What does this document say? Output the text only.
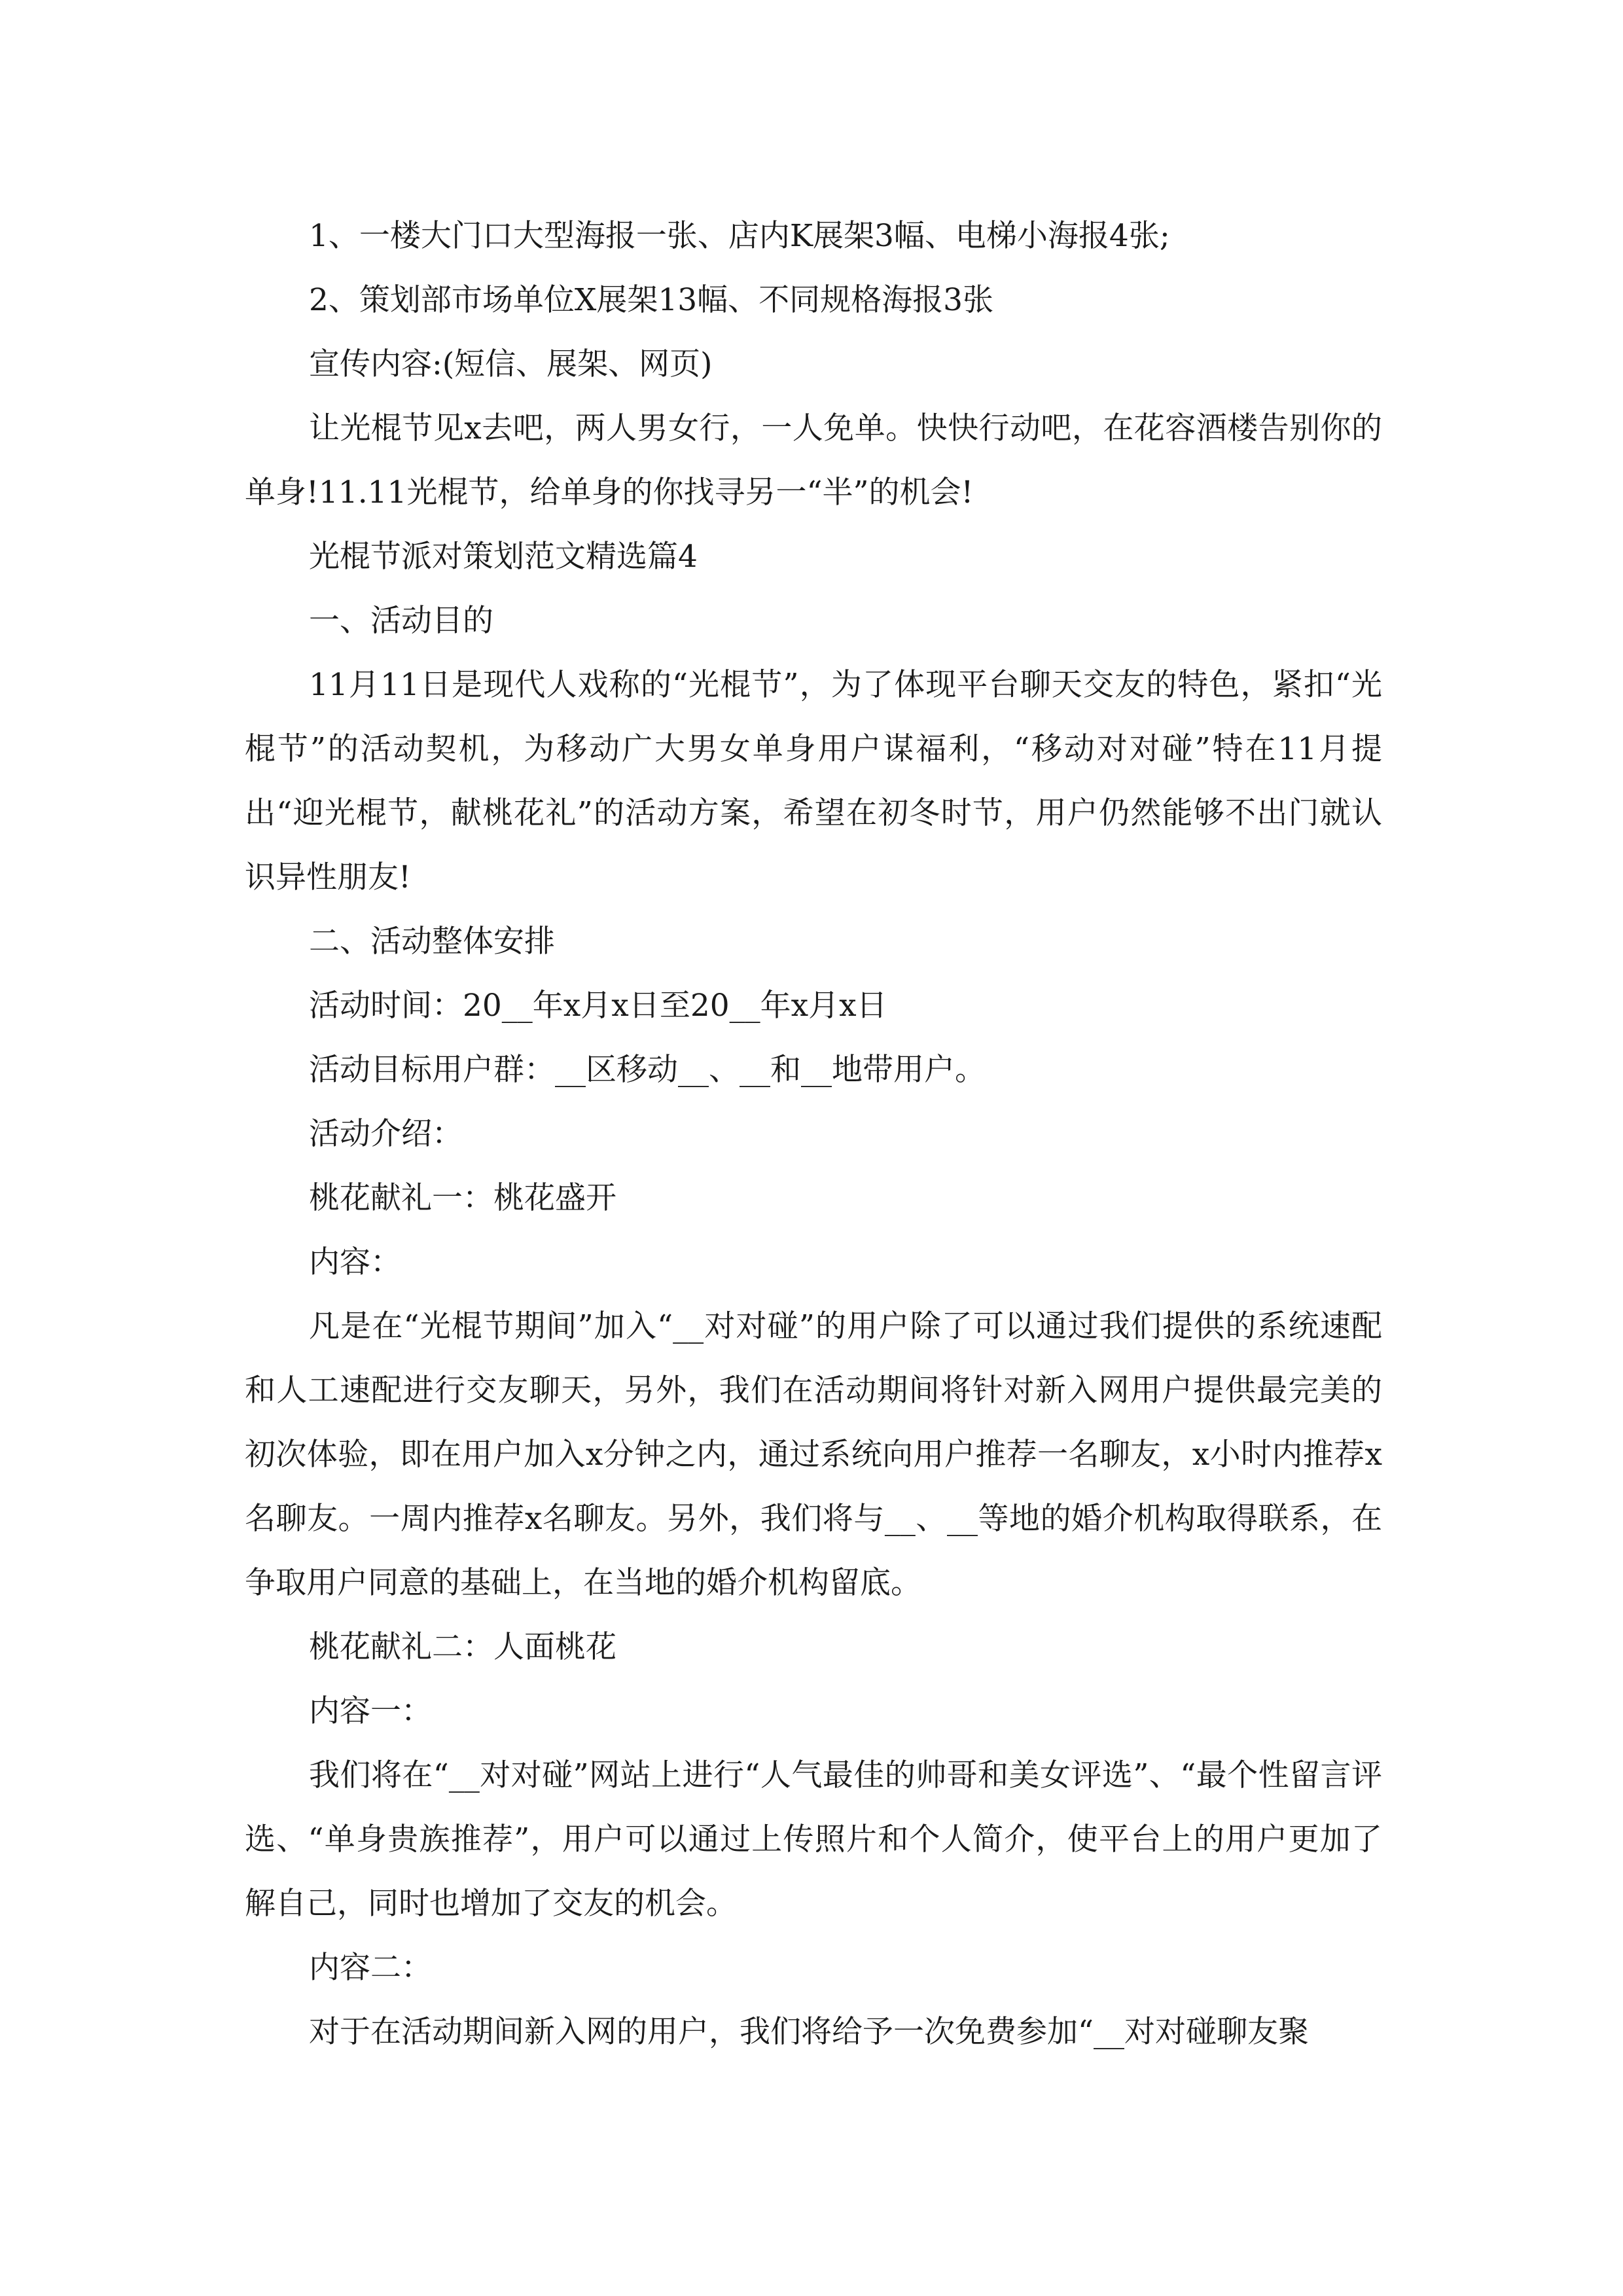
1、一楼大门口大型海报一张、店内K展架3幅、电梯小海报4张;

2、策划部市场单位X展架13幅、不同规格海报3张

宣传内容:(短信、展架、网页)

让光棍节见x去吧，两人男女行，一人免单。快快行动吧，在花容酒楼告别你的单身!11.11光棍节，给单身的你找寻另一“半”的机会!

光棍节派对策划范文精选篇4

一、活动目的

11月11日是现代人戏称的“光棍节”，为了体现平台聊天交友的特色，紧扣“光棍节”的活动契机，为移动广大男女单身用户谋福利，“移动对对碰”特在11月提出“迎光棍节，献桃花礼”的活动方案，希望在初冬时节，用户仍然能够不出门就认识异性朋友!

二、活动整体安排

活动时间：20__年x月x日至20__年x月x日

活动目标用户群：__区移动__、__和__地带用户。

活动介绍：

桃花献礼一：桃花盛开

内容：

凡是在“光棍节期间”加入“__对对碰”的用户除了可以通过我们提供的系统速配和人工速配进行交友聊天，另外，我们在活动期间将针对新入网用户提供最完美的初次体验，即在用户加入x分钟之内，通过系统向用户推荐一名聊友，x小时内推荐x名聊友。一周内推荐x名聊友。另外，我们将与__、__等地的婚介机构取得联系，在争取用户同意的基础上，在当地的婚介机构留底。

桃花献礼二：人面桃花

内容一：

我们将在“__对对碰”网站上进行“人气最佳的帅哥和美女评选”、“最个性留言评选、“单身贵族推荐”，用户可以通过上传照片和个人简介，使平台上的用户更加了解自己，同时也增加了交友的机会。

内容二：

对于在活动期间新入网的用户，我们将给予一次免费参加“__对对碰聊友聚
